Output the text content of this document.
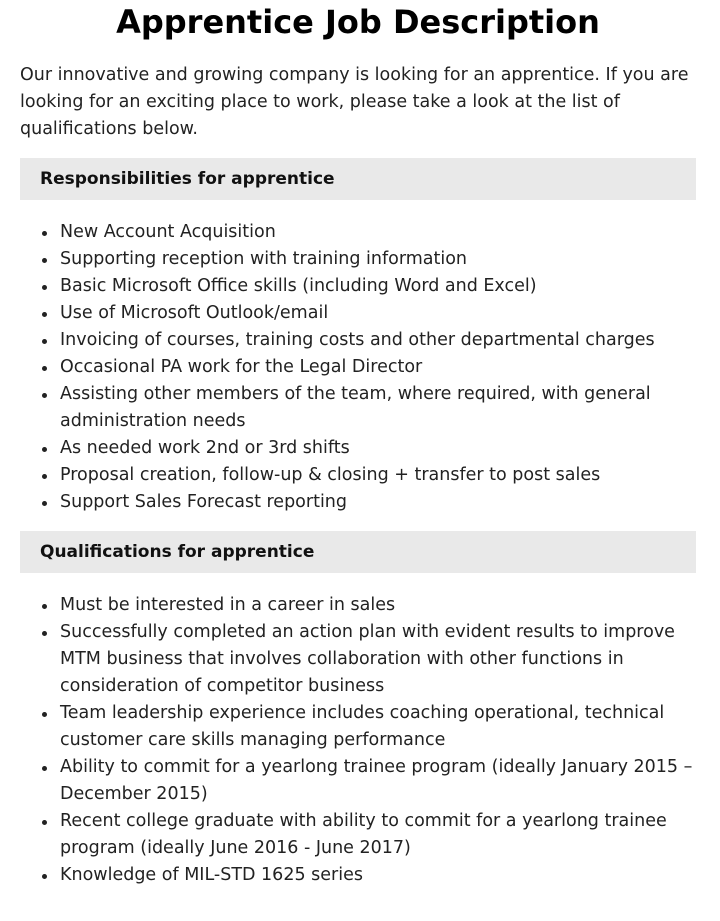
Apprentice Job Description

Our innovative and growing company is looking for an apprentice. If you are looking for an exciting place to work, please take a look at the list of qualifications below.

Responsibilities for apprentice
New Account Acquisition
Supporting reception with training information
Basic Microsoft Office skills (including Word and Excel)
Use of Microsoft Outlook/email
Invoicing of courses, training costs and other departmental charges
Occasional PA work for the Legal Director
Assisting other members of the team, where required, with general administration needs
As needed work 2nd or 3rd shifts
Proposal creation, follow-up & closing + transfer to post sales
Support Sales Forecast reporting
Qualifications for apprentice
Must be interested in a career in sales
Successfully completed an action plan with evident results to improve MTM business that involves collaboration with other functions in consideration of competitor business
Team leadership experience includes coaching operational, technical customer care skills managing performance
Ability to commit for a yearlong trainee program (ideally January 2015 – December 2015)
Recent college graduate with ability to commit for a yearlong trainee program (ideally June 2016 - June 2017)
Knowledge of MIL-STD 1625 series
